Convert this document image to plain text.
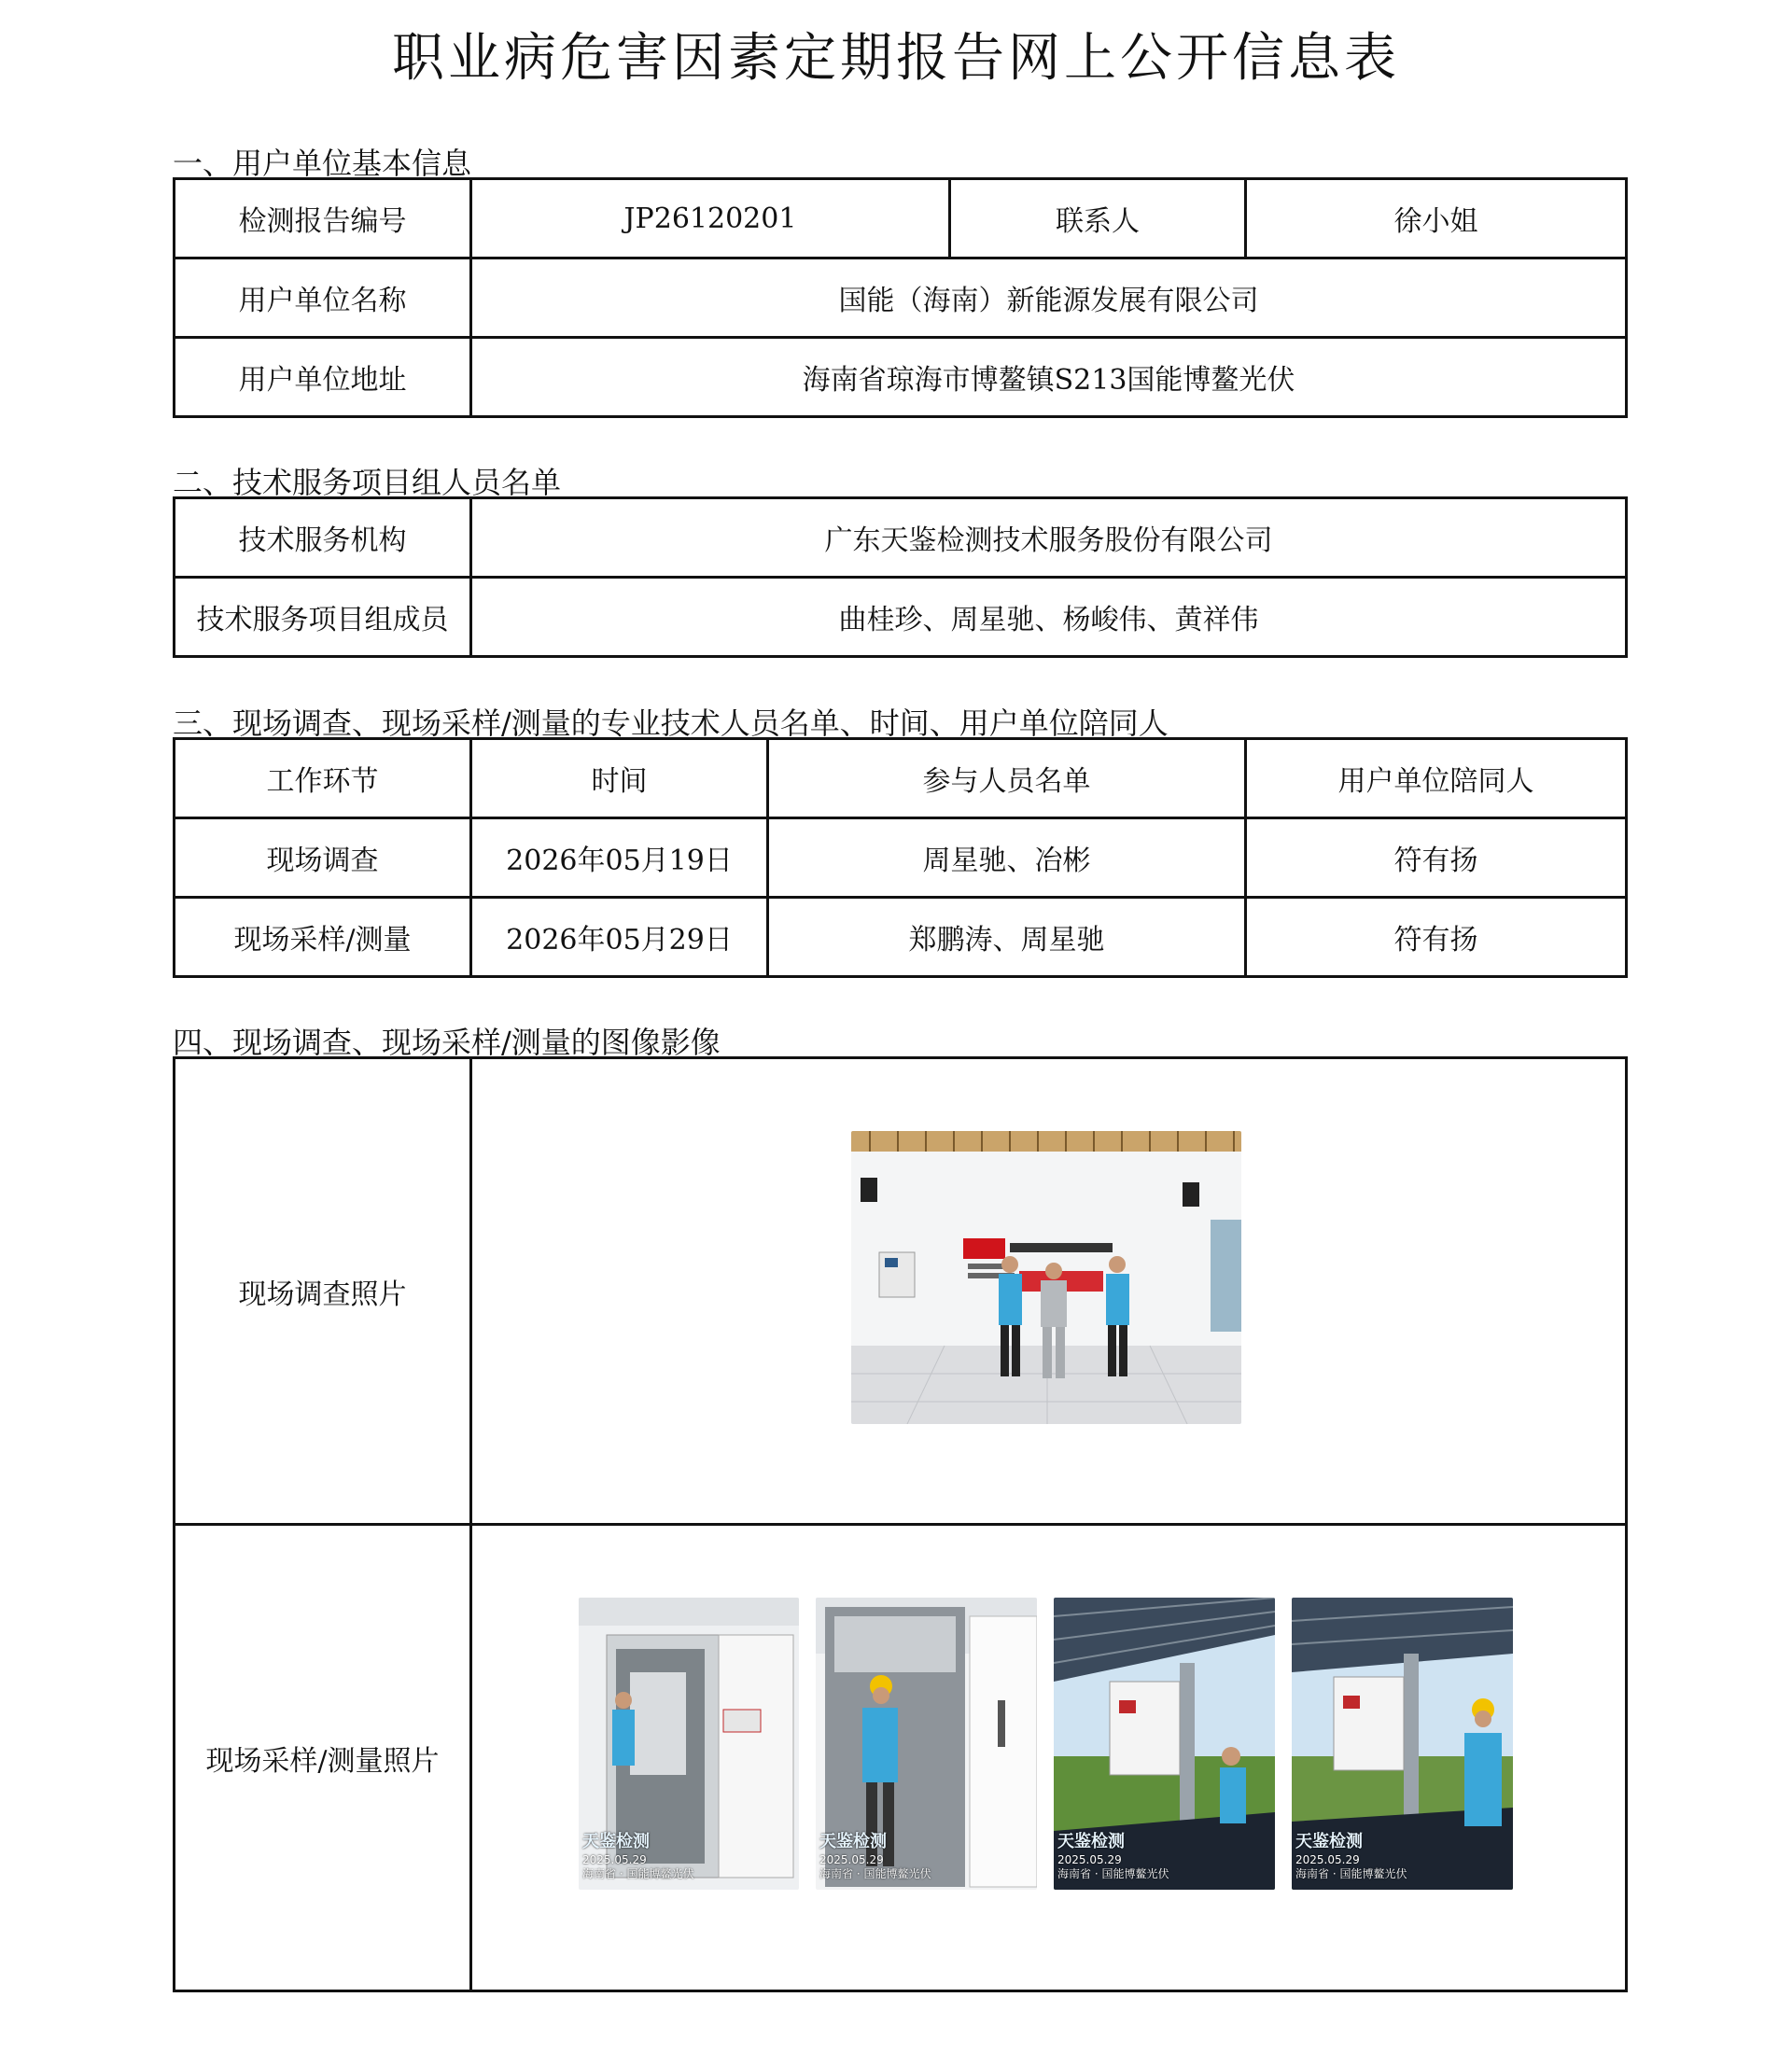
职业病危害因素定期报告网上公开信息表
一、用户单位基本信息
检测报告编号	JP26120201	联系人	徐小姐
用户单位名称	国能（海南）新能源发展有限公司		
用户单位地址	海南省琼海市博鳌镇S213国能博鳌光伏		
二、技术服务项目组人员名单
技术服务机构	广东天鉴检测技术服务股份有限公司
技术服务项目组成员	曲桂珍、周星驰、杨峻伟、黄祥伟
三、现场调查、现场采样/测量的专业技术人员名单、时间、用户单位陪同人
工作环节	时间	参与人员名单	用户单位陪同人
现场调查	2026年05月19日	周星驰、冶彬	符有扬
现场采样/测量	2026年05月29日	郑鹏涛、周星驰	符有扬
四、现场调查、现场采样/测量的图像影像
现场调查照片	
现场采样/测量照片	
天鉴检测
2025.05.29
海南省 · 国能博鳌光伏
天鉴检测
2025.05.29
海南省 · 国能博鳌光伏
天鉴检测
2025.05.29
海南省 · 国能博鳌光伏
天鉴检测
2025.05.29
海南省 · 国能博鳌光伏
